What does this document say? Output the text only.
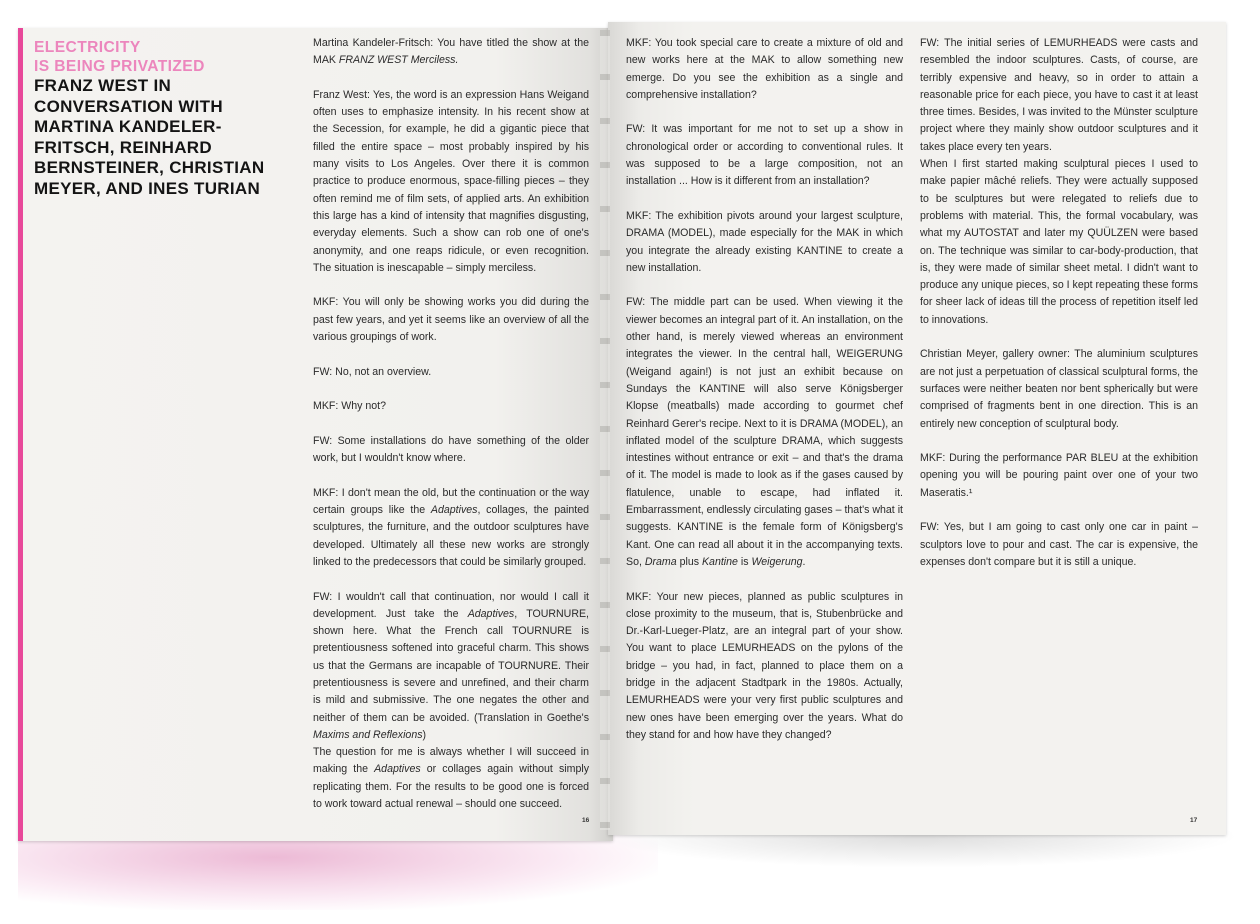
ELECTRICITY
IS BEING PRIVATIZED
FRANZ WEST IN
CONVERSATION WITH
MARTINA KANDELER-
FRITSCH, REINHARD
BERNSTEINER, CHRISTIAN
MEYER, AND INES TURIAN

Martina Kandeler-Fritsch: You have titled the show at the MAK FRANZ WEST Merciless.

Franz West: Yes, the word is an expression Hans Weigand often uses to emphasize intensity. In his recent show at the Secession, for example, he did a gigantic piece that filled the entire space – most probably inspired by his many visits to Los Angeles. Over there it is common practice to produce enormous, space-filling pieces – they often remind me of film sets, of applied arts. An exhibition this large has a kind of intensity that magnifies disgusting, everyday elements. Such a show can rob one of one's anonymity, and one reaps ridicule, or even recognition. The situation is inescapable – simply merciless.

MKF: You will only be showing works you did during the past few years, and yet it seems like an overview of all the various groupings of work.

FW: No, not an overview.

MKF: Why not?

FW: Some installations do have something of the older work, but I wouldn't know where.

MKF: I don't mean the old, but the continuation or the way certain groups like the Adaptives, collages, the painted sculptures, the furniture, and the outdoor sculptures have developed. Ultimately all these new works are strongly linked to the predecessors that could be similarly grouped.

FW: I wouldn't call that continuation, nor would I call it development. Just take the Adaptives, TOURNURE, shown here. What the French call TOURNURE is pretentiousness softened into graceful charm. This shows us that the Germans are incapable of TOURNURE. Their pretentiousness is severe and unrefined, and their charm is mild and submissive. The one negates the other and neither of them can be avoided. (Translation in Goethe's Maxims and Reflexions)

The question for me is always whether I will succeed in making the Adaptives or collages again without simply replicating them. For the results to be good one is forced to work toward actual renewal – should one succeed.

MKF: You took special care to create a mixture of old and new works here at the MAK to allow something new emerge. Do you see the exhibition as a single and comprehensive installation?

FW: It was important for me not to set up a show in chronological order or according to conventional rules. It was supposed to be a large composition, not an installation ... How is it different from an installation?

MKF: The exhibition pivots around your largest sculpture, DRAMA (MODEL), made especially for the MAK in which you integrate the already existing KANTINE to create a new installation.

FW: The middle part can be used. When viewing it the viewer becomes an integral part of it. An installation, on the other hand, is merely viewed whereas an environment integrates the viewer. In the central hall, WEIGERUNG (Weigand again!) is not just an exhibit because on Sundays the KANTINE will also serve Königsberger Klopse (meatballs) made according to gourmet chef Reinhard Gerer's recipe. Next to it is DRAMA (MODEL), an inflated model of the sculpture DRAMA, which suggests intestines without entrance or exit – and that's the drama of it. The model is made to look as if the gases caused by flatulence, unable to escape, had inflated it. Embarrassment, endlessly circulating gases – that's what it suggests. KANTINE is the female form of Königsberg's Kant. One can read all about it in the accompanying texts. So, Drama plus Kantine is Weigerung.

MKF: Your new pieces, planned as public sculptures in close proximity to the museum, that is, Stubenbrücke and Dr.-Karl-Lueger-Platz, are an integral part of your show. You want to place LEMURHEADS on the pylons of the bridge – you had, in fact, planned to place them on a bridge in the adjacent Stadtpark in the 1980s. Actually, LEMURHEADS were your very first public sculptures and new ones have been emerging over the years. What do they stand for and how have they changed?

FW: The initial series of LEMURHEADS were casts and resembled the indoor sculptures. Casts, of course, are terribly expensive and heavy, so in order to attain a reasonable price for each piece, you have to cast it at least three times. Besides, I was invited to the Münster sculpture project where they mainly show outdoor sculptures and it takes place every ten years.

When I first started making sculptural pieces I used to make papier mâché reliefs. They were actually supposed to be sculptures but were relegated to reliefs due to problems with material. This, the formal vocabulary, was what my AUTOSTAT and later my QUÜLZEN were based on. The technique was similar to car-body-production, that is, they were made of similar sheet metal. I didn't want to produce any unique pieces, so I kept repeating these forms for sheer lack of ideas till the process of repetition itself led to innovations.

Christian Meyer, gallery owner: The aluminium sculptures are not just a perpetuation of classical sculptural forms, the surfaces were neither beaten nor bent spherically but were comprised of fragments bent in one direction. This is an entirely new conception of sculptural body.

MKF: During the performance PAR BLEU at the exhibition opening you will be pouring paint over one of your two Maseratis.¹

FW: Yes, but I am going to cast only one car in paint – sculptors love to pour and cast. The car is expensive, the expenses don't compare but it is still a unique.

16	17
